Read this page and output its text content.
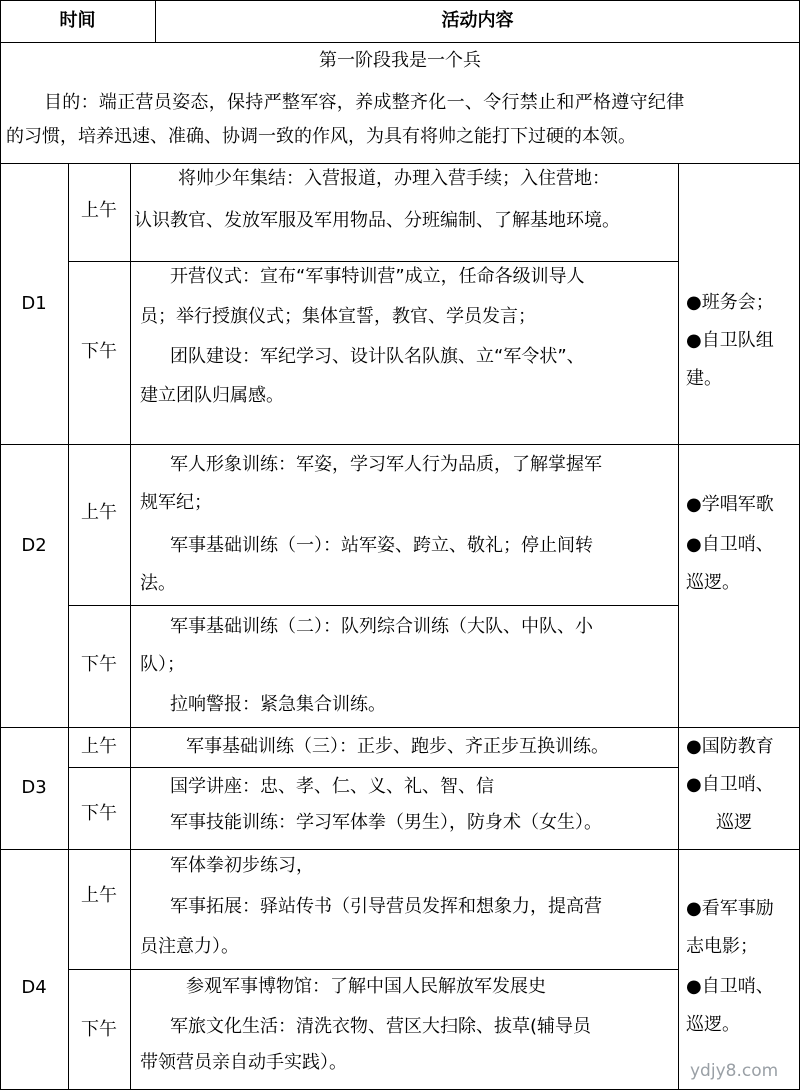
时间	活动内容
第一阶段我是一个兵
目的：端正营员姿态，保持严整军容，养成整齐化一、令行禁止和严格遵守纪律
的习惯，培养迅速、准确、协调一致的作风，为具有将帅之能打下过硬的本领。
D1
上午
下午
将帅少年集结：入营报道，办理入营手续；入住营地：
认识教官、发放军服及军用物品、分班编制、了解基地环境。
开营仪式：宣布“军事特训营”成立，任命各级训导人
员；举行授旗仪式；集体宣誓，教官、学员发言；
团队建设：军纪学习、设计队名队旗、立“军令状”、
建立团队归属感。
●班务会；
●自卫队组
建。
D2
上午
下午
军人形象训练：军姿，学习军人行为品质，了解掌握军
规军纪；
军事基础训练（一）：站军姿、跨立、敬礼；停止间转
法。
军事基础训练（二）：队列综合训练（大队、中队、小
队）；
拉响警报：紧急集合训练。
●学唱军歌
●自卫哨、
巡逻。
D3
上午
下午
军事基础训练（三）：正步、跑步、齐正步互换训练。
国学讲座：忠、孝、仁、义、礼、智、信
军事技能训练：学习军体拳（男生），防身术（女生）。
●国防教育
●自卫哨、
巡逻
D4
上午
下午
军体拳初步练习，
军事拓展：驿站传书（引导营员发挥和想象力，提高营
员注意力）。
参观军事博物馆：了解中国人民解放军发展史
军旅文化生活：清洗衣物、营区大扫除、拔草(辅导员
带领营员亲自动手实践）。
●看军事励
志电影；
●自卫哨、
巡逻。
ydjy8.com
